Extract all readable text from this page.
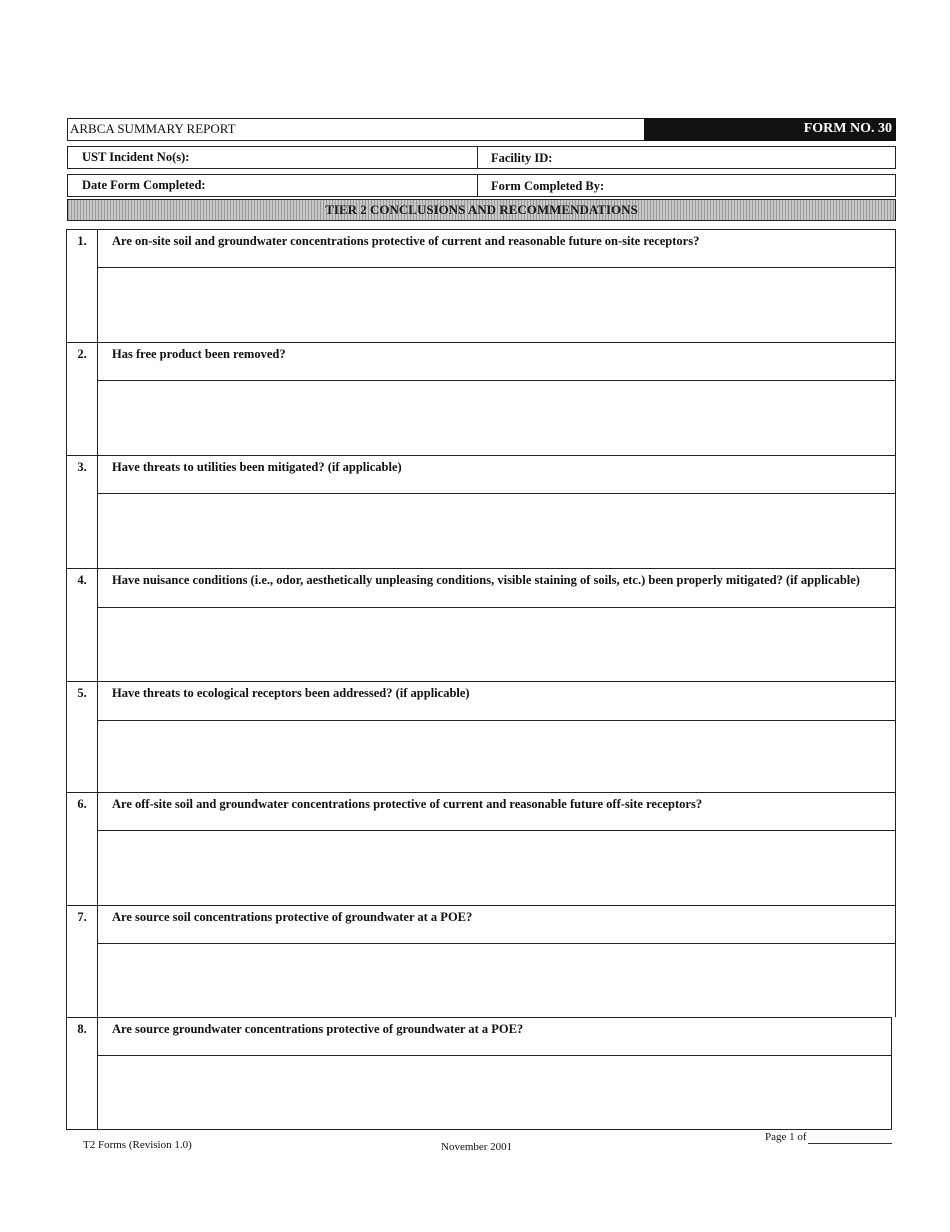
ARBCA SUMMARY REPORT	FORM NO. 30
UST Incident No(s):	Facility ID:
Date Form Completed:	Form Completed By:
TIER 2 CONCLUSIONS AND RECOMMENDATIONS
1.	Are on-site soil and groundwater concentrations protective of current and reasonable future on-site receptors?
2.	Has free product been removed?
3.	Have threats to utilities been mitigated? (if applicable)
4.	Have nuisance conditions (i.e., odor, aesthetically unpleasing conditions, visible staining of soils, etc.) been properly mitigated? (if applicable)
5.	Have threats to ecological receptors been addressed? (if applicable)
6.	Are off-site soil and groundwater concentrations protective of current and reasonable future off-site receptors?
7.	Are source soil concentrations protective of groundwater at a POE?
8.	Are source groundwater concentrations protective of groundwater at a POE?
T2 Forms (Revision 1.0)	November 2001
Page 1 of
